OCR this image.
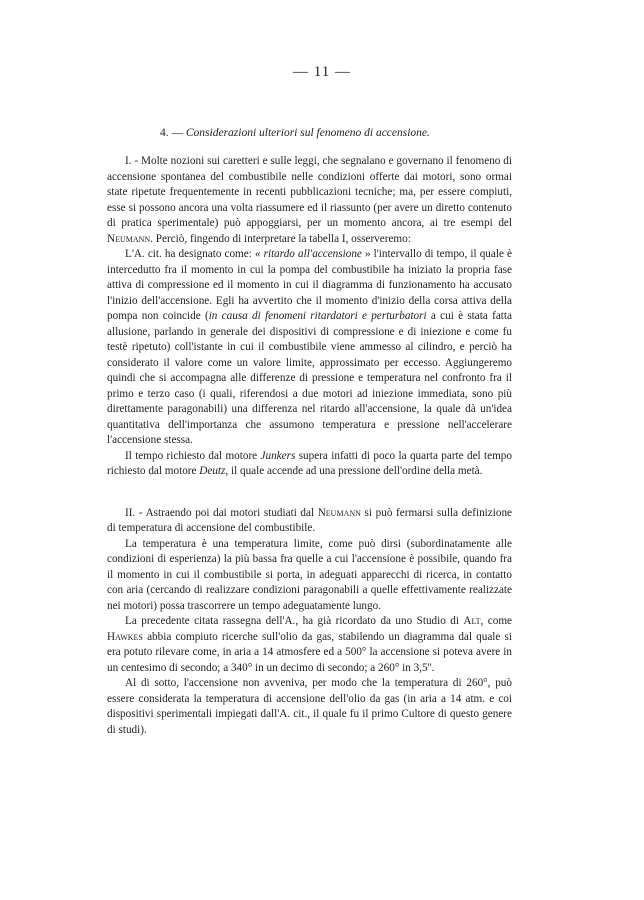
— 11 —
4. — Considerazioni ulteriori sul fenomeno di accensione.

I. - Molte nozioni sui caretteri e sulle leggi, che segnalano e governano il fenomeno di accensione spontanea del combustibile nelle condizioni offerte dai motori, sono ormai state ripetute frequentemente in recenti pubblicazioni tecniche; ma, per essere compiuti, esse si possono ancora una volta riassumere ed il riassunto (per avere un diretto contenuto di pratica sperimentale) può appoggiarsi, per un momento ancora, ai tre esempi del Neumann. Perciò, fingendo di interpretare la tabella I, osserveremo:

L'A. cit. ha designato come: « ritardo all'accensione » l'intervallo di tempo, il quale è intercedutto fra il momento in cui la pompa del combustibile ha iniziato la propria fase attiva di compressione ed il momento in cui il diagramma di funzionamento ha accusato l'inizio dell'accensione. Egli ha avvertito che il momento d'inizio della corsa attiva della pompa non coincide (in causa di fenomeni ritardatori e perturbatori a cui è stata fatta allusione, parlando in generale dei dispositivi di compressione e di iniezione e come fu testè ripetuto) coll'istante in cui il combustibile viene ammesso al cilindro, e perciò ha considerato il valore come un valore limite, approssimato per eccesso. Aggiungeremo quindi che si accompagna alle differenze di pressione e temperatura nel confronto fra il primo e terzo caso (i quali, riferendosi a due motori ad iniezione immediata, sono più direttamente paragonabili) una differenza nel ritardo all'accensione, la quale dà un'idea quantitativa dell'importanza che assumono temperatura e pressione nell'accelerare l'accensione stessa.

Il tempo richiesto dal motore Junkers supera infatti di poco la quarta parte del tempo richiesto dal motore Deutz, il quale accende ad una pressione dell'ordine della metà.

II. - Astraendo poi dai motori studiati dal Neumann si può fermarsi sulla definizione di temperatura di accensione del combustibile.

La temperatura è una temperatura limite, come può dirsi (subordinatamente alle condizioni di esperienza) la più bassa fra quelle a cui l'accensione è possibile, quando fra il momento in cui il combustibile si porta, in adeguati apparecchi di ricerca, in contatto con aria (cercando di realizzare condizioni paragonabili a quelle effettivamente realizzate nei motori) possa trascorrere un tempo adeguatamente lungo.

La precedente citata rassegna dell'A., ha già ricordato da uno Studio di Alt, come Hawkes abbia compiuto ricerche sull'olio da gas, stabilendo un diagramma dal quale si era potuto rilevare come, in aria a 14 atmosfere ed a 500° la accensione si poteva avere in un centesimo di secondo; a 340° in un decimo di secondo; a 260° in 3,5''.

Al di sotto, l'accensione non avveniva, per modo che la temperatura di 260°, può essere considerata la temperatura di accensione dell'olio da gas (in aria a 14 atm. e coi dispositivi sperimentali impiegati dall'A. cit., il quale fu il primo Cultore di questo genere di studi).
